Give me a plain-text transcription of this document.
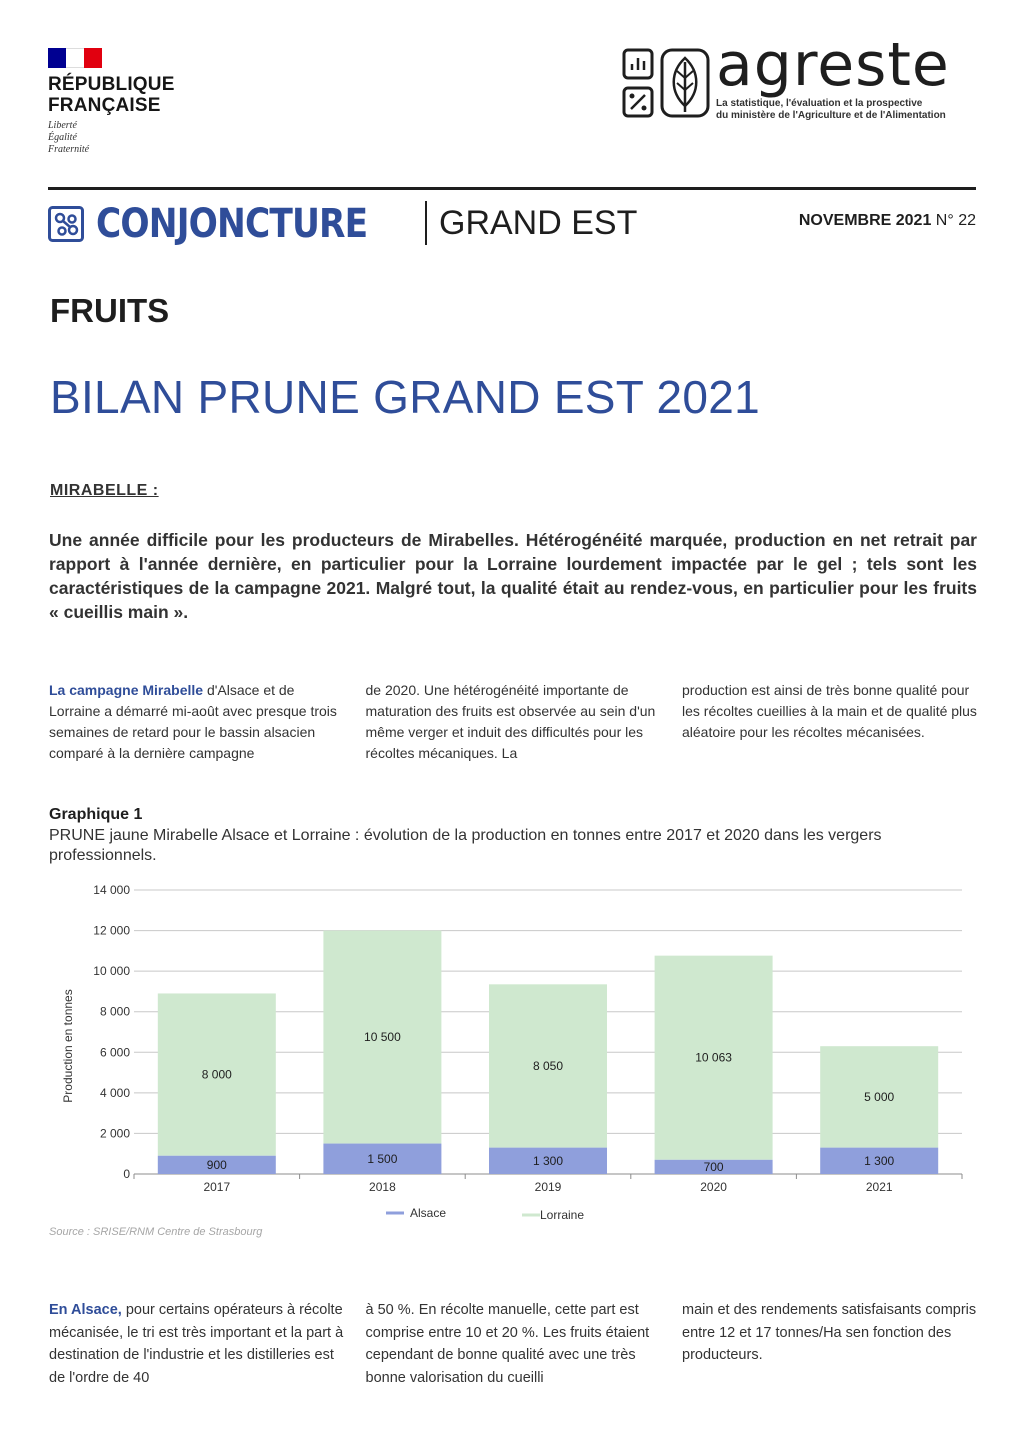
RÉPUBLIQUE
FRANÇAISE
Liberté
Égalité
Fraternité
agreste
La statistique, l'évaluation et la prospective
du ministère de l'Agriculture et de l'Alimentation
CONJONCTURE	GRAND EST	NOVEMBRE 2021 N° 22
FRUITS
BILAN PRUNE GRAND EST 2021
MIRABELLE :

Une année difficile pour les producteurs de Mirabelles. Hétérogénéité marquée, production en net retrait par rapport à l'année dernière, en particulier pour la Lorraine lourdement impactée par le gel ; tels sont les caractéristiques de la campagne 2021. Malgré tout, la qualité était au rendez-vous, en particulier pour les fruits « cueillis main ».

La campagne Mirabelle d'Alsace et de Lorraine a démarré mi-août avec presque trois semaines de retard pour le bassin alsacien comparé à la dernière campagne

de 2020. Une hétérogénéité importante de maturation des fruits est observée au sein d'un même verger et induit des difficultés pour les récoltes mécaniques. La

production est ainsi de très bonne qualité pour les récoltes cueillies à la main et de qualité plus aléatoire pour les récoltes mécanisées.

Graphique 1
PRUNE jaune Mirabelle Alsace et Lorraine : évolution de la production en tonnes entre 2017 et 2020 dans les vergers professionnels.
0
2 000
4 000
6 000
8 000
10 000
12 000
14 000
Production en tonnes
900
8 000
2017
1 500
10 500
2018
1 300
8 050
2019
700
10 063
2020
1 300
5 000
2021
Alsace	Lorraine
Source : SRISE/RNM Centre de Strasbourg

En Alsace, pour certains opérateurs à récolte mécanisée, le tri est très important et la part à destination de l'industrie et les distilleries est de l'ordre de 40

à 50 %. En récolte manuelle, cette part est comprise entre 10 et 20 %. Les fruits étaient cependant de bonne qualité avec une très bonne valorisation du cueilli

main et des rendements satisfaisants compris entre 12 et 17 tonnes/Ha sen fonction des producteurs.
